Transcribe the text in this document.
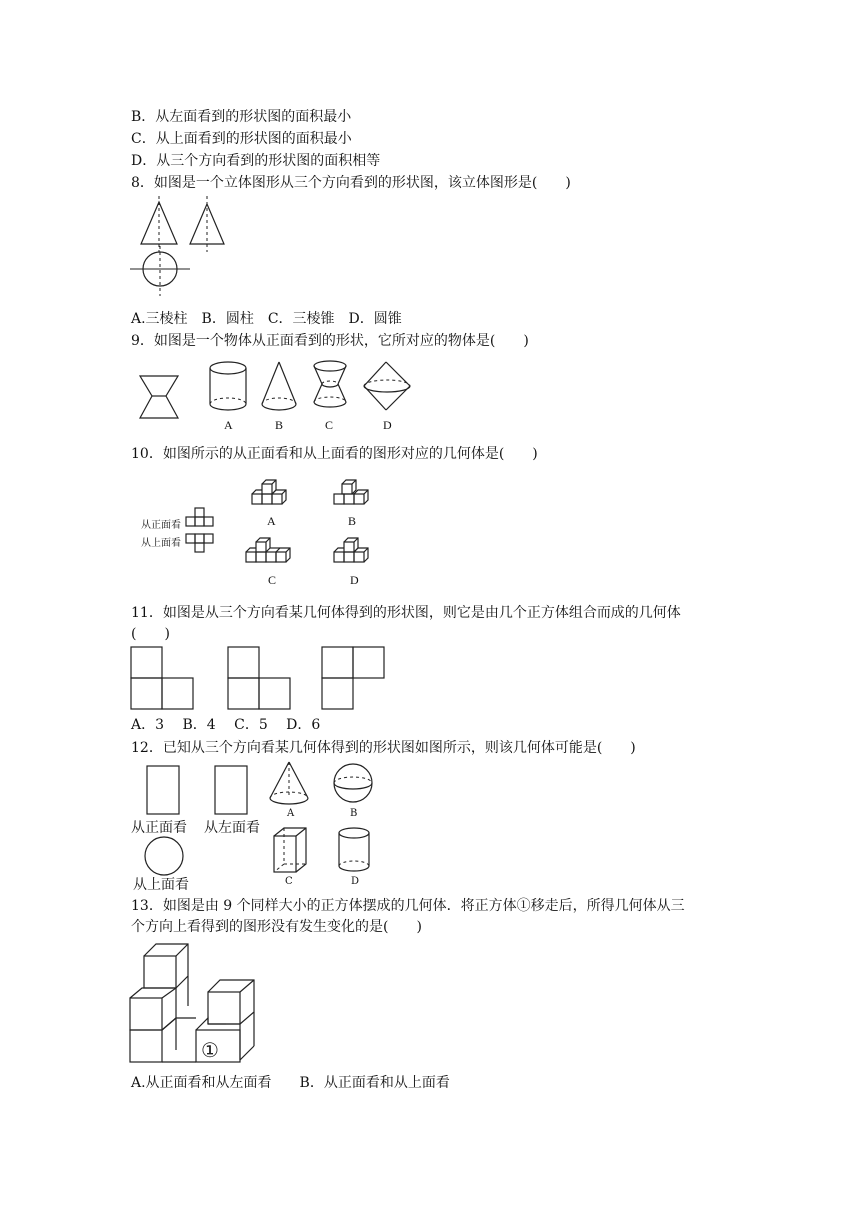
B．从左面看到的形状图的面积最小
C．从上面看到的形状图的面积最小
D．从三个方向看到的形状图的面积相等
8．如图是一个立体图形从三个方向看到的形状图，该立体图形是(　　)
A.三棱柱　B．圆柱　C．三棱锥　D．圆锥
9．如图是一个物体从正面看到的形状，它所对应的物体是(　　)
A	B	C	D
10．如图所示的从正面看和从上面看的图形对应的几何体是(　　)
从正面看
从上面看
A	B
C	D
11．如图是从三个方向看某几何体得到的形状图，则它是由几个正方体组合而成的几何体
(　　)
A．3　 B．4　 C．5　 D．6
12．已知从三个方向看某几何体得到的形状图如图所示，则该几何体可能是(　　)
从正面看 从左面看
从上面看
A	B
C	D
13．如图是由 9 个同样大小的正方体摆成的几何体．将正方体①移走后，所得几何体从三
个方向上看得到的图形没有发生变化的是(　　)
①
A.从正面看和从左面看　　B．从正面看和从上面看
